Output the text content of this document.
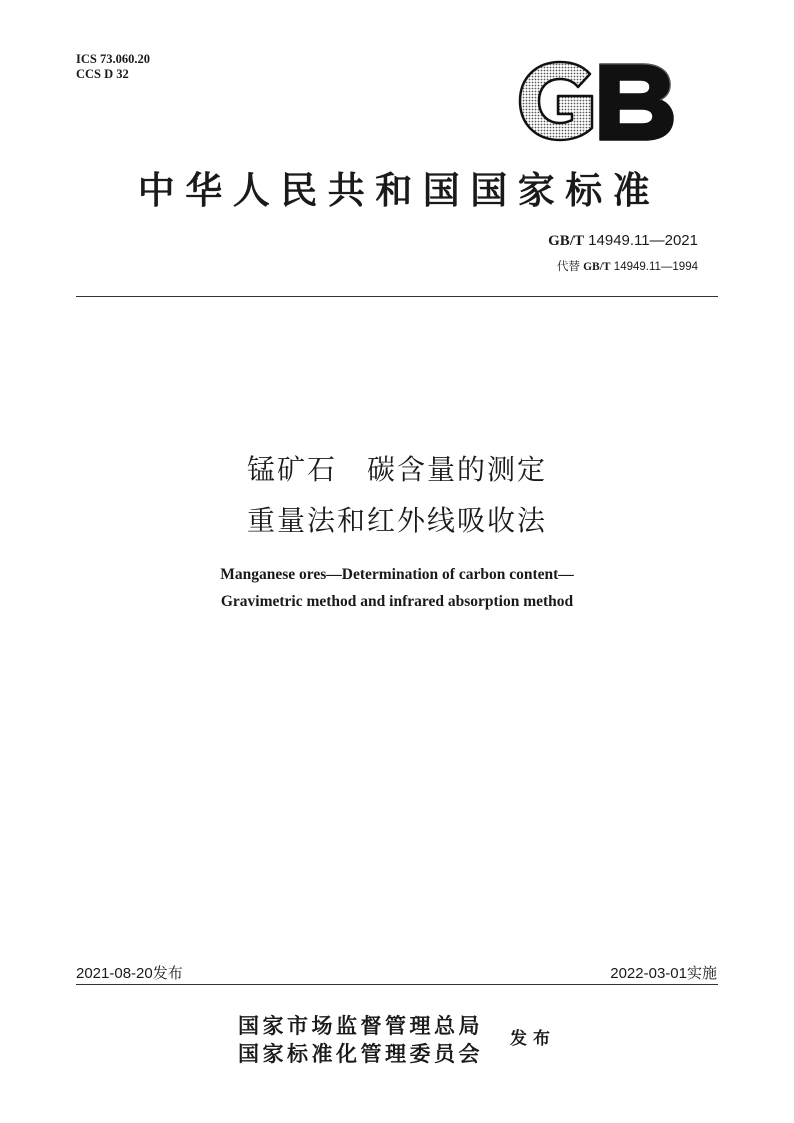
ICS 73.060.20
CCS D 32
中华人民共和国国家标准
GB/T 14949.11—2021
代替 GB/T 14949.11—1994
锰矿石　碳含量的测定
重量法和红外线吸收法
Manganese ores—Determination of carbon content—
Gravimetric method and infrared absorption method
2021-08-20发布	2022-03-01实施
国家市场监督管理总局
国家标准化管理委员会
发布
